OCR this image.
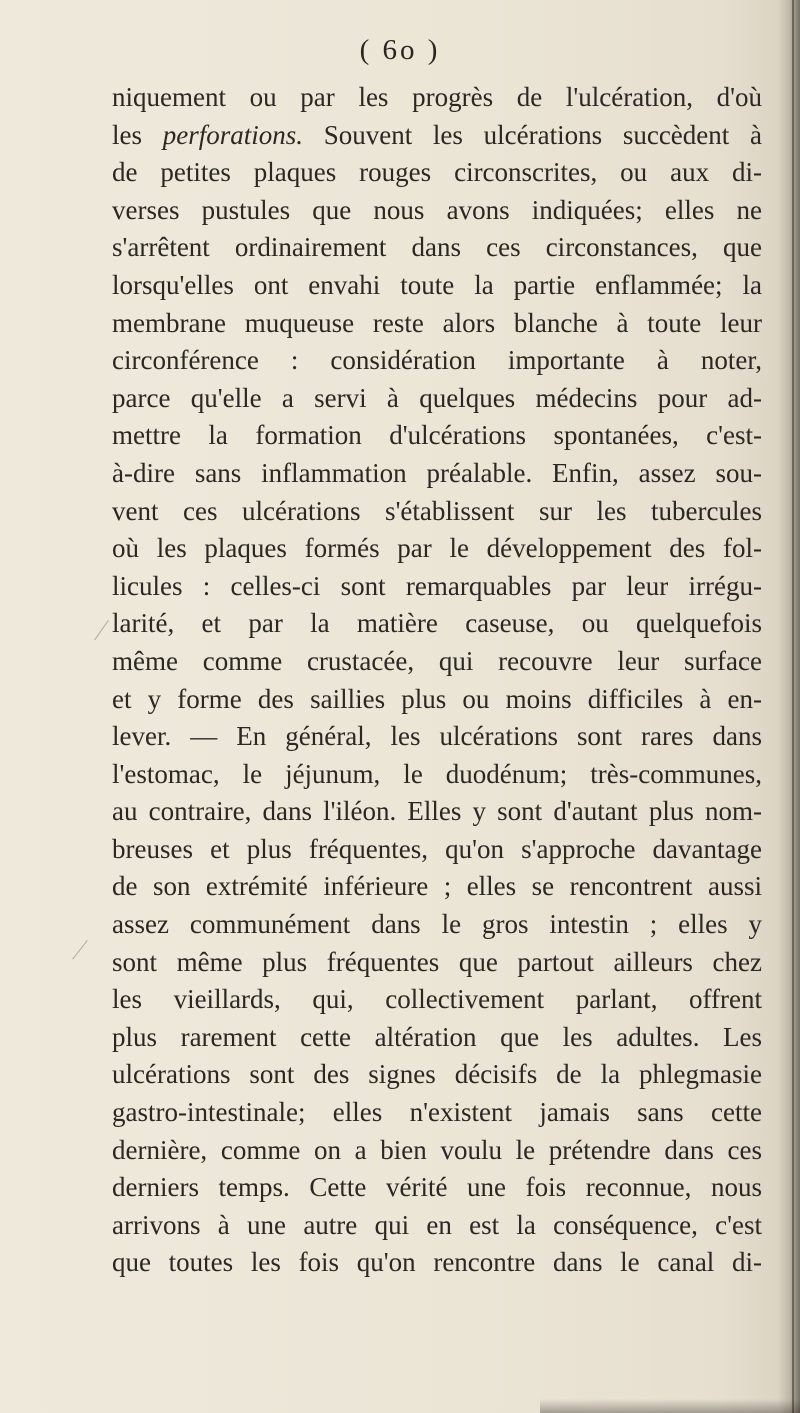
( 6o )
niquement ou par les progrès de l'ulcération, d'où
les perforations. Souvent les ulcérations succèdent à
de petites plaques rouges circonscrites, ou aux di-
verses pustules que nous avons indiquées; elles ne
s'arrêtent ordinairement dans ces circonstances, que
lorsqu'elles ont envahi toute la partie enflammée; la
membrane muqueuse reste alors blanche à toute leur
circonférence : considération importante à noter,
parce qu'elle a servi à quelques médecins pour ad-
mettre la formation d'ulcérations spontanées, c'est-
à-dire sans inflammation préalable. Enfin, assez sou-
vent ces ulcérations s'établissent sur les tubercules
où les plaques formés par le développement des fol-
licules : celles-ci sont remarquables par leur irrégu-
larité, et par la matière caseuse, ou quelquefois
même comme crustacée, qui recouvre leur surface
et y forme des saillies plus ou moins difficiles à en-
lever. — En général, les ulcérations sont rares dans
l'estomac, le jéjunum, le duodénum; très-communes,
au contraire, dans l'iléon. Elles y sont d'autant plus nom-
breuses et plus fréquentes, qu'on s'approche davantage
de son extrémité inférieure ; elles se rencontrent aussi
assez communément dans le gros intestin ; elles y
sont même plus fréquentes que partout ailleurs chez
les vieillards, qui, collectivement parlant, offrent
plus rarement cette altération que les adultes. Les
ulcérations sont des signes décisifs de la phlegmasie
gastro-intestinale; elles n'existent jamais sans cette
dernière, comme on a bien voulu le prétendre dans ces
derniers temps. Cette vérité une fois reconnue, nous
arrivons à une autre qui en est la conséquence, c'est
que toutes les fois qu'on rencontre dans le canal di-
